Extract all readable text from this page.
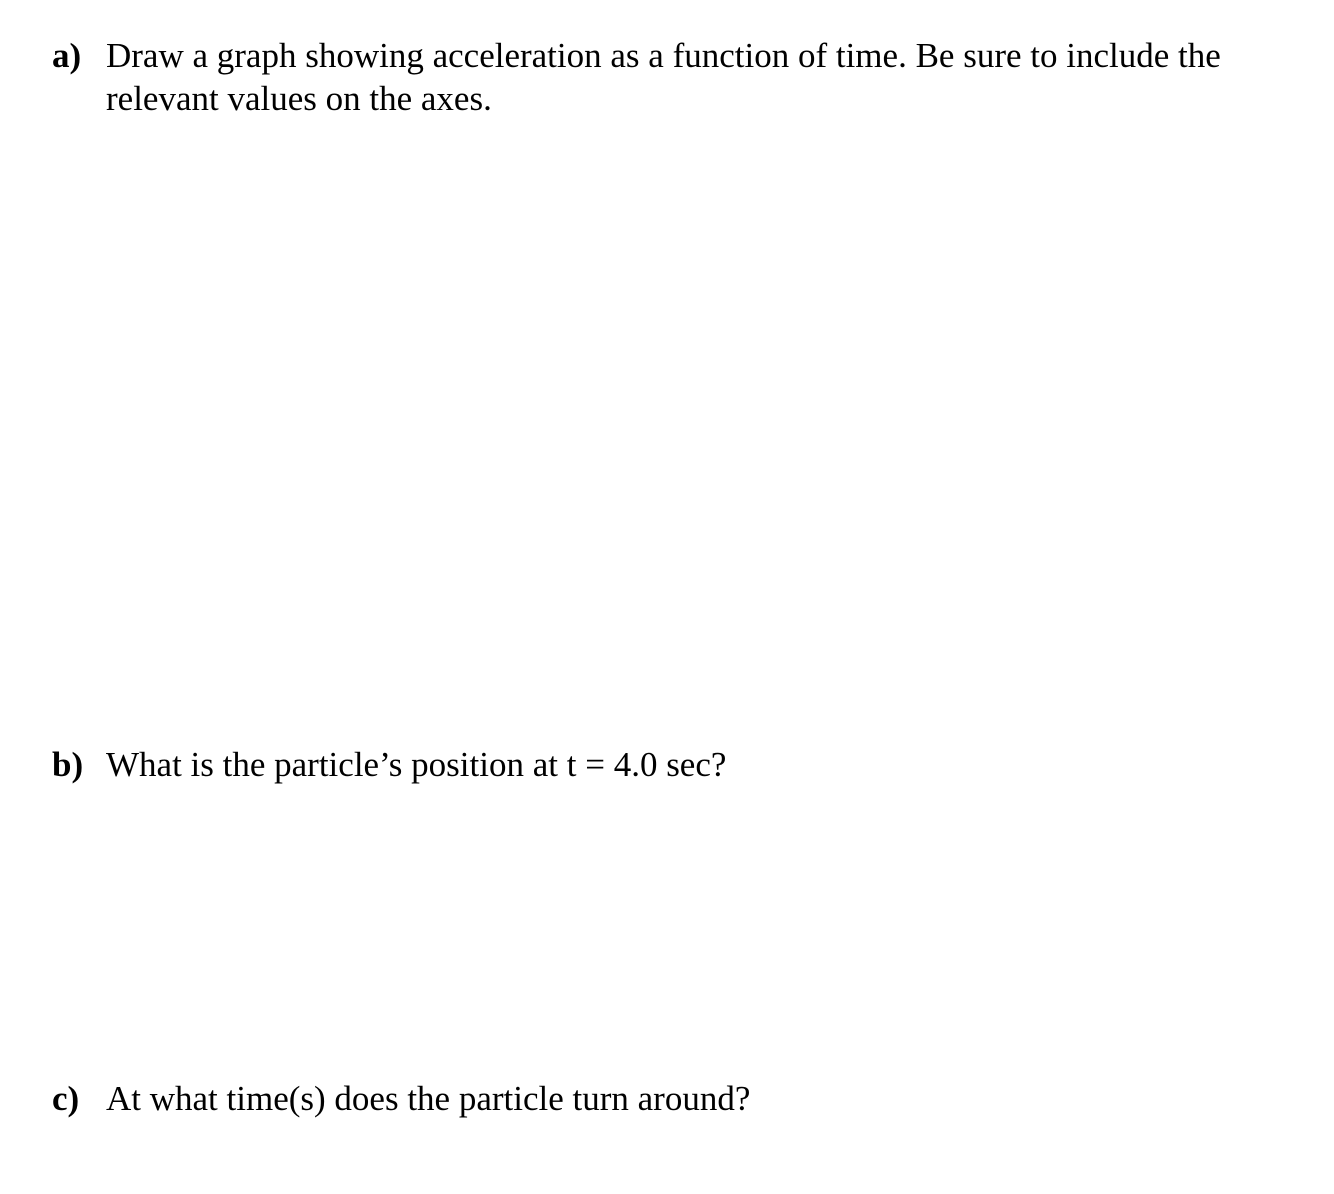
a) Draw a graph showing acceleration as a function of time. Be sure to include the relevant values on the axes.
b) What is the particle’s position at t = 4.0 sec?
c) At what time(s) does the particle turn around?
